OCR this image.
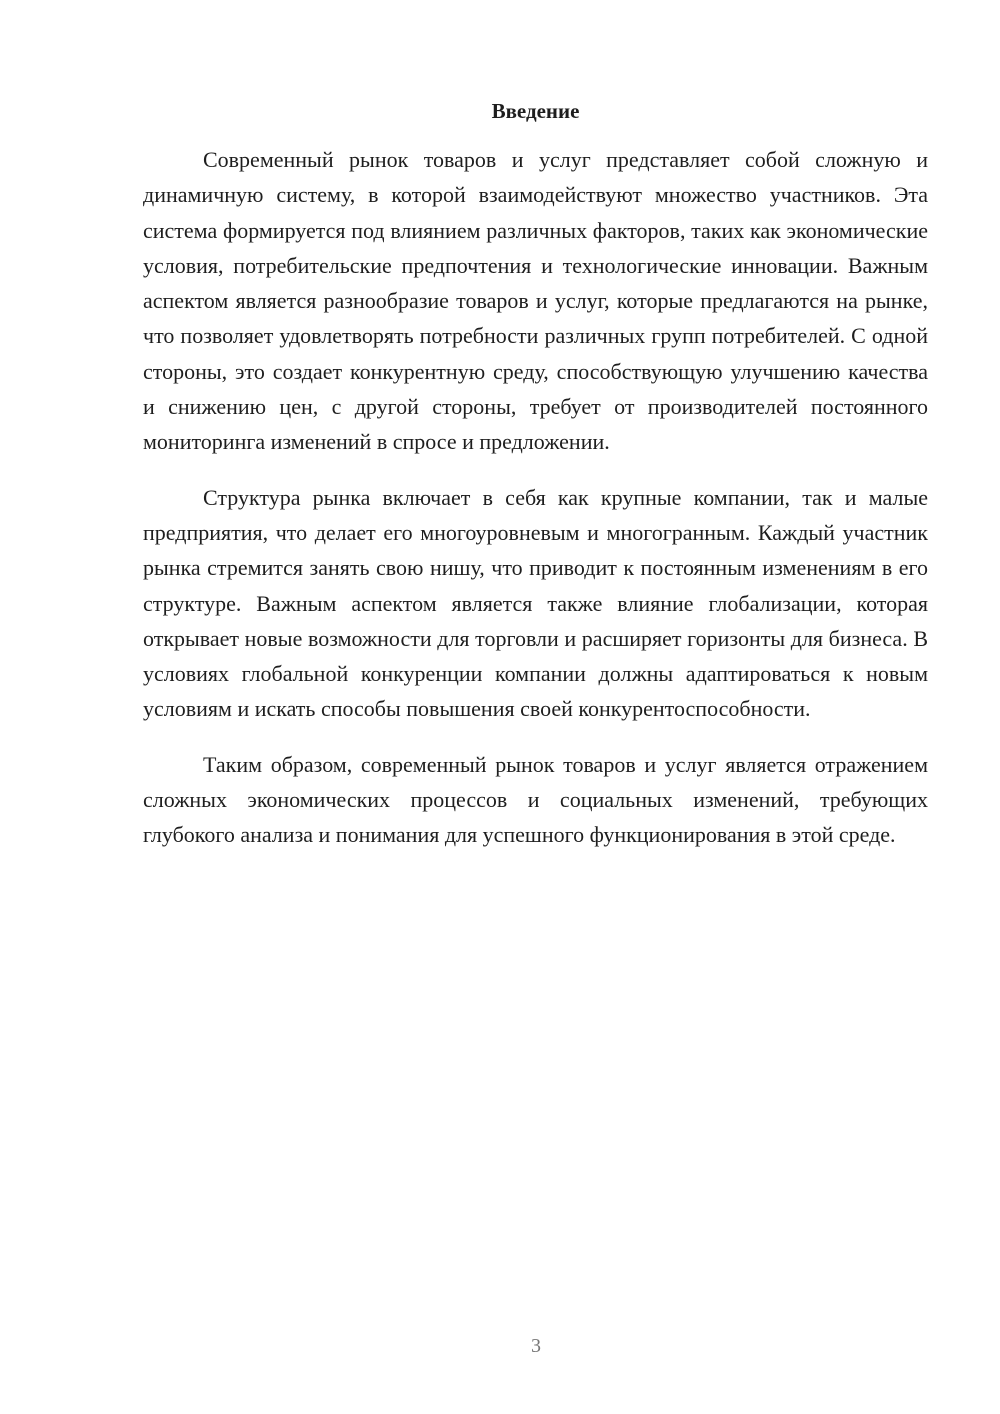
Введение

Современный рынок товаров и услуг представляет собой сложную и динамичную систему, в которой взаимодействуют множество участников. Эта система формируется под влиянием различных факторов, таких как экономические условия, потребительские предпочтения и технологические инновации. Важным аспектом является разнообразие товаров и услуг, которые предлагаются на рынке, что позволяет удовлетворять потребности различных групп потребителей. С одной стороны, это создает конкурентную среду, способствующую улучшению качества и снижению цен, с другой стороны, требует от производителей постоянного мониторинга изменений в спросе и предложении.

Структура рынка включает в себя как крупные компании, так и малые предприятия, что делает его многоуровневым и многогранным. Каждый участник рынка стремится занять свою нишу, что приводит к постоянным изменениям в его структуре. Важным аспектом является также влияние глобализации, которая открывает новые возможности для торговли и расширяет горизонты для бизнеса. В условиях глобальной конкуренции компании должны адаптироваться к новым условиям и искать способы повышения своей конкурентоспособности.

Таким образом, современный рынок товаров и услуг является отражением сложных экономических процессов и социальных изменений, требующих глубокого анализа и понимания для успешного функционирования в этой среде.

3
